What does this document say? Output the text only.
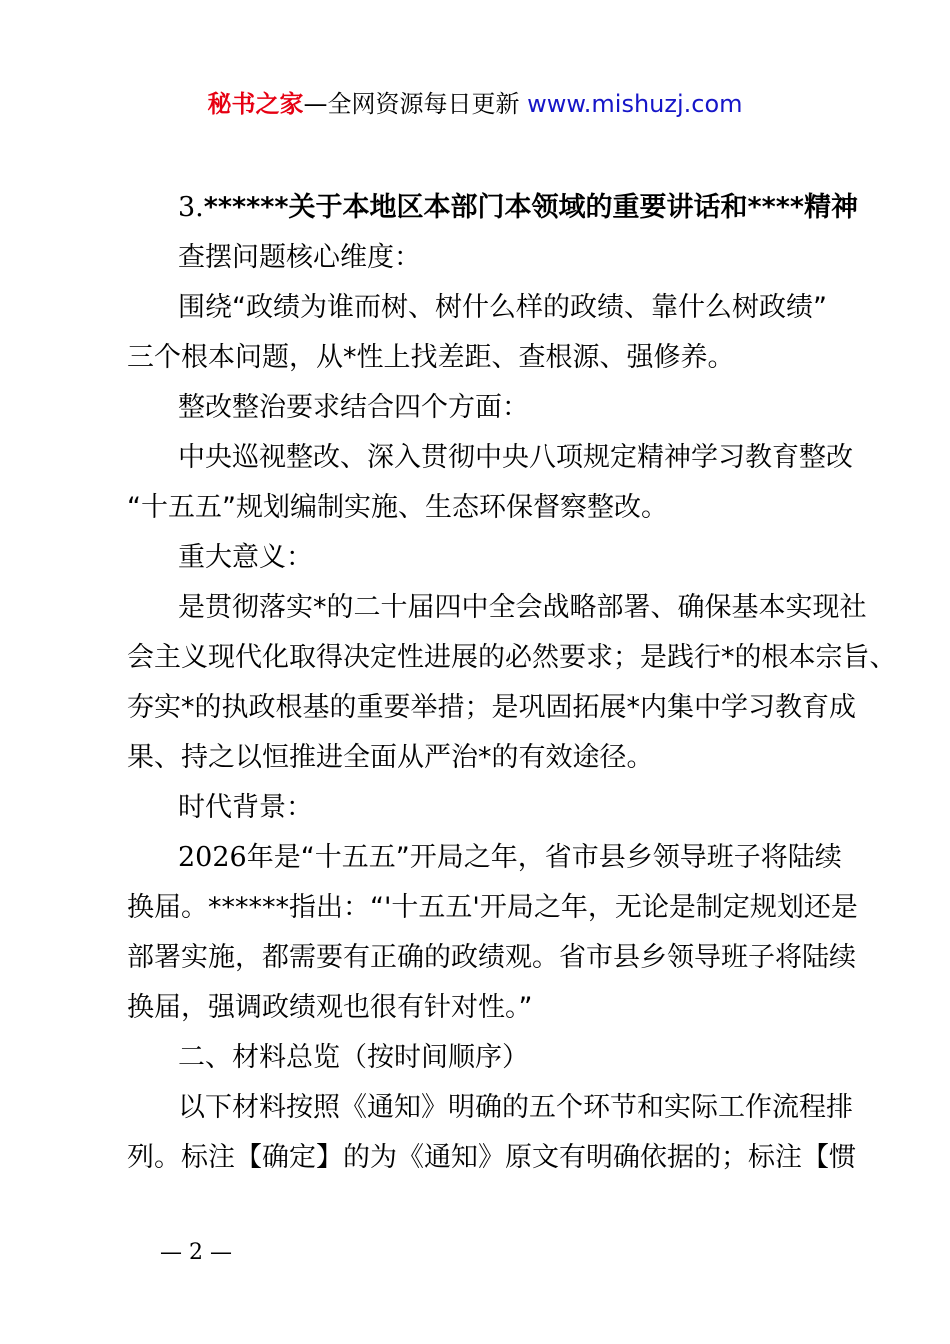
秘书之家—全网资源每日更新 www.mishuzj.com
3.******关于本地区本部门本领域的重要讲话和****精神
查摆问题核心维度：
围绕“政绩为谁而树、树什么样的政绩、靠什么树政绩”
三个根本问题，从*性上找差距、查根源、强修养。
整改整治要求结合四个方面：
中央巡视整改、深入贯彻中央八项规定精神学习教育整改
“十五五”规划编制实施、生态环保督察整改。
重大意义：
是贯彻落实*的二十届四中全会战略部署、确保基本实现社
会主义现代化取得决定性进展的必然要求；是践行*的根本宗旨、
夯实*的执政根基的重要举措；是巩固拓展*内集中学习教育成
果、持之以恒推进全面从严治*的有效途径。
时代背景：
2026年是“十五五”开局之年，省市县乡领导班子将陆续
换届。******指出：“'十五五'开局之年，无论是制定规划还是
部署实施，都需要有正确的政绩观。省市县乡领导班子将陆续
换届，强调政绩观也很有针对性。”
二、材料总览（按时间顺序）
以下材料按照《通知》明确的五个环节和实际工作流程排
列。标注【确定】的为《通知》原文有明确依据的；标注【惯
— 2 —
